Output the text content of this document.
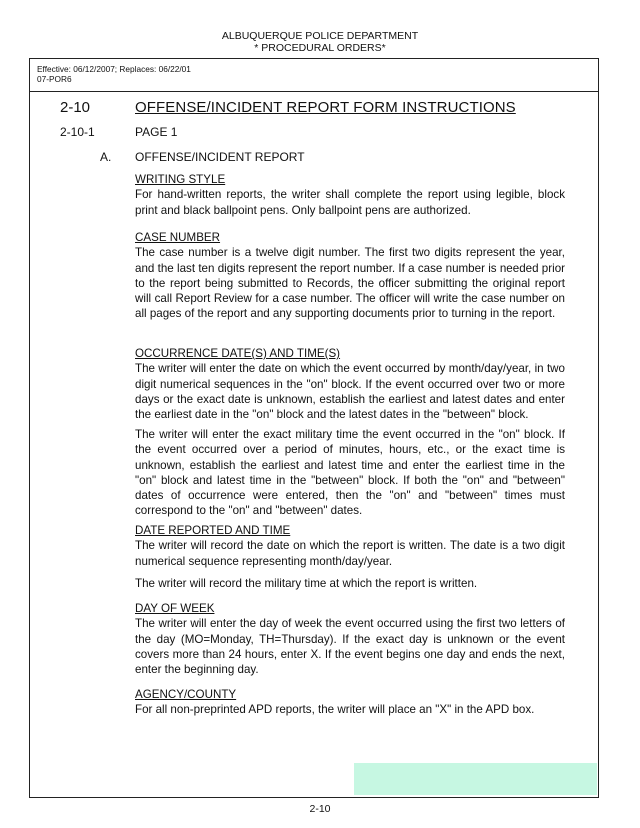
ALBUQUERQUE POLICE DEPARTMENT
* PROCEDURAL ORDERS*
Effective: 06/12/2007; Replaces: 06/22/01
07-POR6
2-10	OFFENSE/INCIDENT REPORT FORM INSTRUCTIONS
2-10-1	PAGE 1
A. OFFENSE/INCIDENT REPORT
WRITING STYLE

For hand-written reports, the writer shall complete the report using legible, block print and black ballpoint pens. Only ballpoint pens are authorized.

CASE NUMBER

The case number is a twelve digit number. The first two digits represent the year, and the last ten digits represent the report number. If a case number is needed prior to the report being submitted to Records, the officer submitting the original report will call Report Review for a case number. The officer will write the case number on all pages of the report and any supporting documents prior to turning in the report.

OCCURRENCE DATE(S) AND TIME(S)

The writer will enter the date on which the event occurred by month/day/year, in two digit numerical sequences in the "on" block. If the event occurred over two or more days or the exact date is unknown, establish the earliest and latest dates and enter the earliest date in the "on" block and the latest dates in the "between" block.

The writer will enter the exact military time the event occurred in the "on" block. If the event occurred over a period of minutes, hours, etc., or the exact time is unknown, establish the earliest and latest time and enter the earliest time in the "on" block and latest time in the "between" block. If both the "on" and "between" dates of occurrence were entered, then the "on" and "between" times must correspond to the "on" and "between" dates.

DATE REPORTED AND TIME

The writer will record the date on which the report is written. The date is a two digit numerical sequence representing month/day/year.

The writer will record the military time at which the report is written.

DAY OF WEEK

The writer will enter the day of week the event occurred using the first two letters of the day (MO=Monday, TH=Thursday). If the exact day is unknown or the event covers more than 24 hours, enter X. If the event begins one day and ends the next, enter the beginning day.

AGENCY/COUNTY

For all non-preprinted APD reports, the writer will place an "X" in the APD box.

2-10
